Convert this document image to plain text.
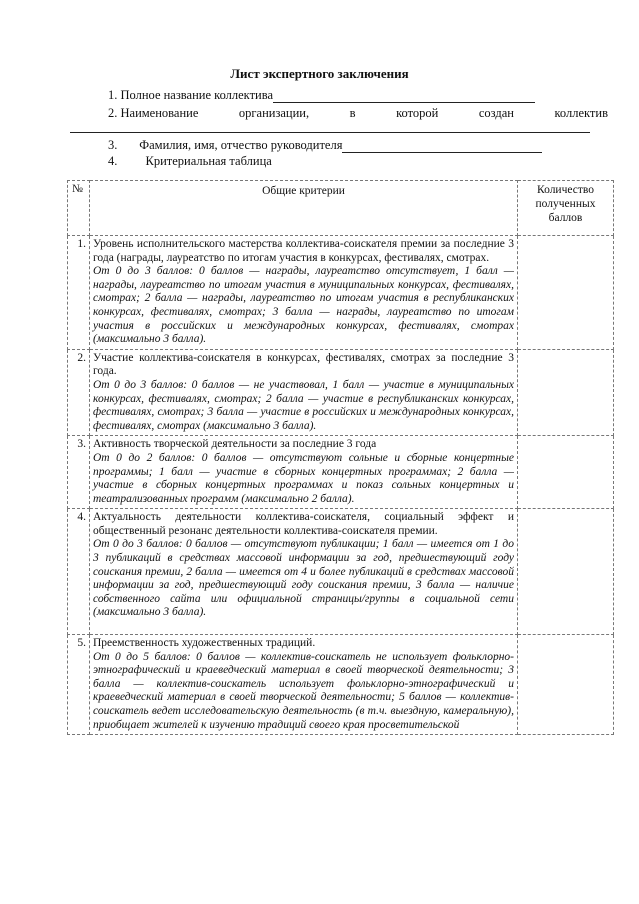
Лист экспертного заключения
1. Полное название коллектива
2. Наименование	организации,	в	которой	создан	коллектив
3. Фамилия, имя, отчество руководителя
4. Критериальная таблица
№	Общие критерии	Количество полученных баллов
1.	Уровень исполнительского мастерства коллектива-соискателя премии за последние 3 года (награды, лауреатство по итогам участия в конкурсах, фестивалях, смотрах.
От 0 до 3 баллов: 0 баллов — награды, лауреатство отсутствует, 1 балл — награды, лауреатство по итогам участия в муниципальных конкурсах, фестивалях, смотрах; 2 балла — награды, лауреатство по итогам участия в республиканских конкурсах, фестивалях, смотрах; 3 балла — награды, лауреатство по итогам участия в российских и международных конкурсах, фестивалях, смотрах (максимально 3 балла).	

2.	Участие коллектива-соискателя в конкурсах, фестивалях, смотрах за последние 3 года.
От 0 до 3 баллов: 0 баллов — не участвовал, 1 балл — участие в муниципальных конкурсах, фестивалях, смотрах; 2 балла — участие в республиканских конкурсах, фестивалях, смотрах; 3 балла — участие в российских и международных конкурсах, фестивалях, смотрах (максимально 3 балла).	

3.	Активность творческой деятельности за последние 3 года
От 0 до 2 баллов: 0 баллов — отсутствуют сольные и сборные концертные программы; 1 балл — участие в сборных концертных программах; 2 балла — участие в сборных концертных программах и показ сольных концертных и театрализованных программ (максимально 2 балла).	

4.	Актуальность деятельности коллектива-соискателя, социальный эффект и общественный резонанс деятельности коллектива-соискателя премии.
От 0 до 3 баллов: 0 баллов — отсутствуют публикации; 1 балл — имеется от 1 до 3 публикаций в средствах массовой информации за год, предшествующий году соискания премии, 2 балла — имеется от 4 и более публикаций в средствах массовой информации за год, предшествующий году соискания премии, 3 балла — наличие собственного сайта или официальной страницы/группы в социальной сети (максимально 3 балла).	

5.	Преемственность художественных традиций.
От 0 до 5 баллов: 0 баллов — коллектив-соискатель не использует фольклорно-этнографический и краеведческий материал в своей творческой деятельности; 3 балла — коллектив-соискатель использует фольклорно-этнографический и краеведческий материал в своей творческой деятельности; 5 баллов — коллектив-соискатель ведет исследовательскую деятельность (в т.ч. выездную, камеральную), приобщает жителей к изучению традиций своего края просветительской	
